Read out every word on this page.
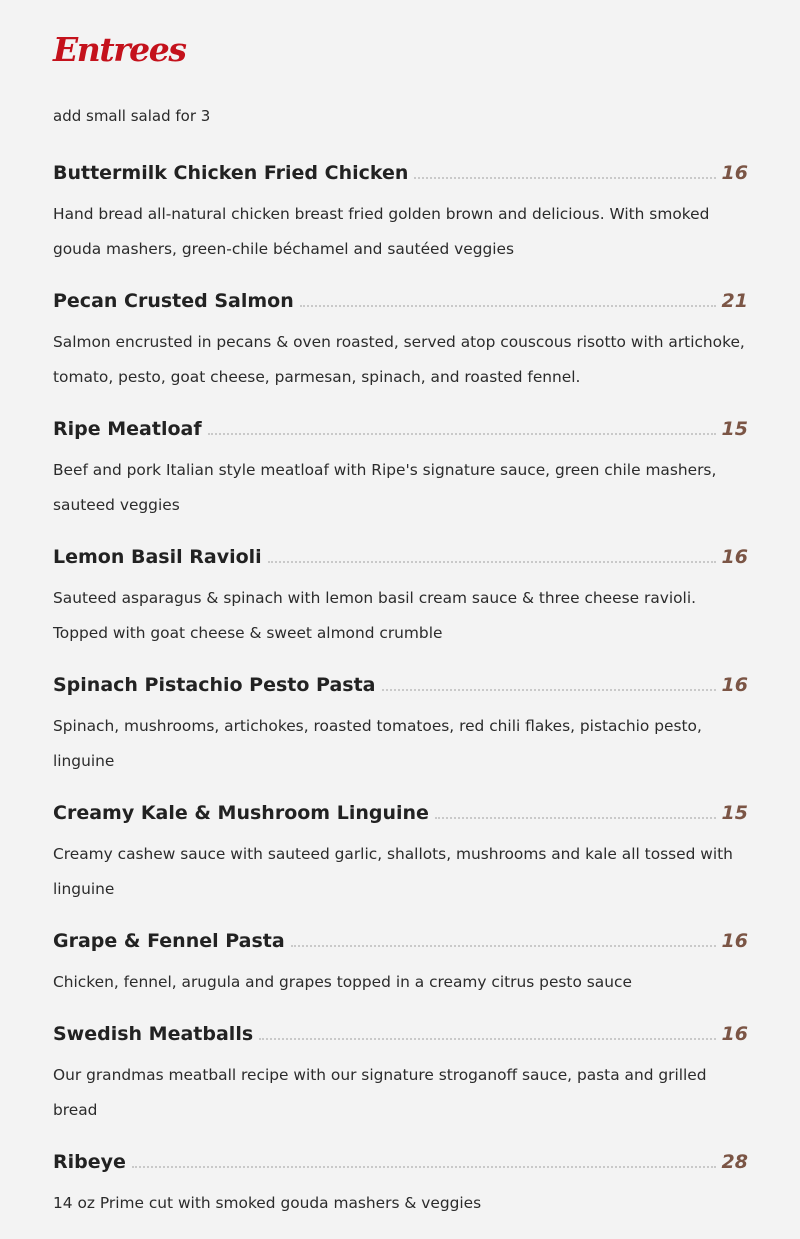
Entrees
add small salad for 3
Buttermilk Chicken Fried Chicken	16

Hand bread all-natural chicken breast fried golden brown and delicious. With smoked gouda mashers, green-chile béchamel and sautéed veggies

Pecan Crusted Salmon	21

Salmon encrusted in pecans & oven roasted, served atop couscous risotto with artichoke, tomato, pesto, goat cheese, parmesan, spinach, and roasted fennel.

Ripe Meatloaf	15

Beef and pork Italian style meatloaf with Ripe's signature sauce, green chile mashers, sauteed veggies

Lemon Basil Ravioli	16

Sauteed asparagus & spinach with lemon basil cream sauce & three cheese ravioli. Topped with goat cheese & sweet almond crumble

Spinach Pistachio Pesto Pasta	16

Spinach, mushrooms, artichokes, roasted tomatoes, red chili flakes, pistachio pesto, linguine

Creamy Kale & Mushroom Linguine	15

Creamy cashew sauce with sauteed garlic, shallots, mushrooms and kale all tossed with linguine

Grape & Fennel Pasta	16

Chicken, fennel, arugula and grapes topped in a creamy citrus pesto sauce

Swedish Meatballs	16

Our grandmas meatball recipe with our signature stroganoff sauce, pasta and grilled bread

Ribeye	28

14 oz Prime cut with smoked gouda mashers & veggies
